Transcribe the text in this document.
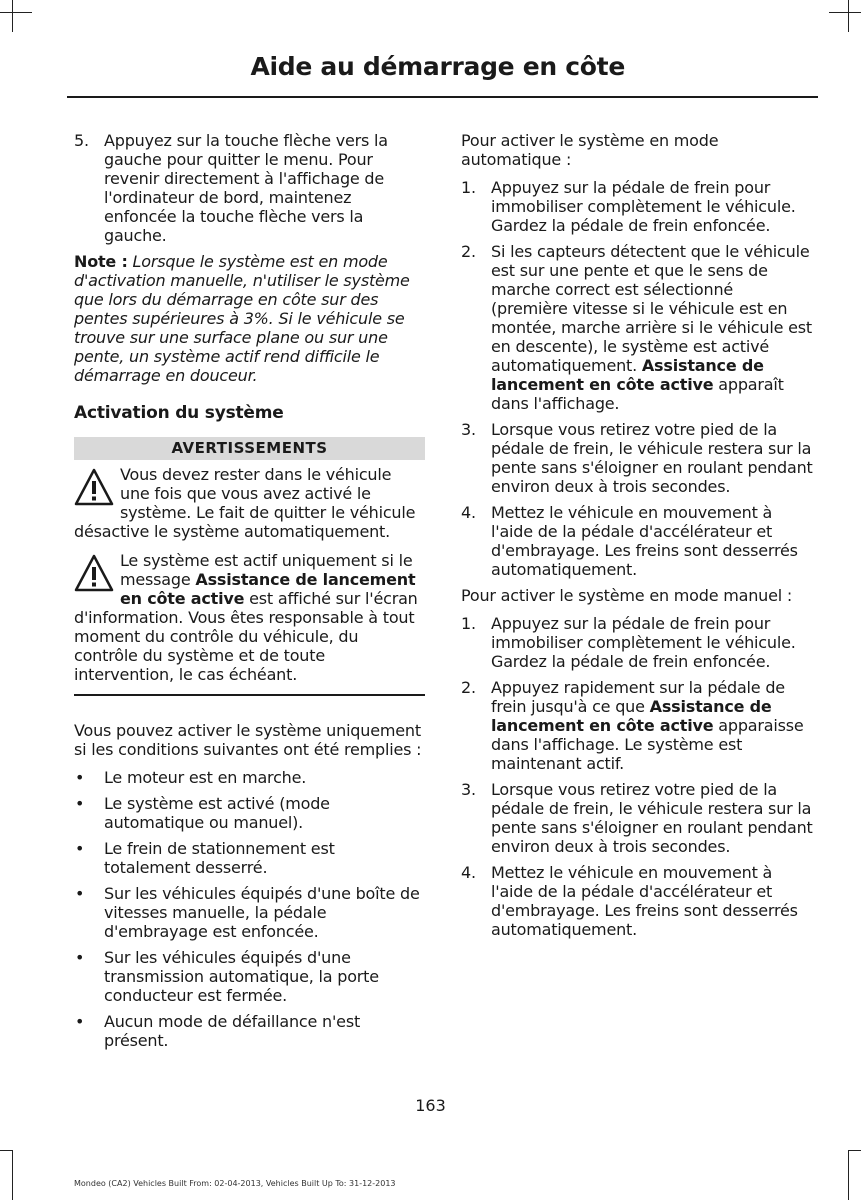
Aide au démarrage en côte
5. Appuyez sur la touche flèche vers la gauche pour quitter le menu. Pour revenir directement à l'affichage de l'ordinateur de bord, maintenez enfoncée la touche flèche vers la gauche.

Note : Lorsque le système est en mode d'activation manuelle, n'utiliser le système que lors du démarrage en côte sur des pentes supérieures à 3%. Si le véhicule se trouve sur une surface plane ou sur une pente, un système actif rend difficile le démarrage en douceur.

Activation du système
AVERTISSEMENTS
Vous devez rester dans le véhicule une fois que vous avez activé le système. Le fait de quitter le véhicule désactive le système automatiquement.
Le système est actif uniquement si le message Assistance de lancement en côte active est affiché sur l'écran d'information. Vous êtes responsable à tout moment du contrôle du véhicule, du contrôle du système et de toute intervention, le cas échéant.

Vous pouvez activer le système uniquement si les conditions suivantes ont été remplies :

• Le moteur est en marche.
• Le système est activé (mode automatique ou manuel).
• Le frein de stationnement est totalement desserré.
• Sur les véhicules équipés d'une boîte de vitesses manuelle, la pédale d'embrayage est enfoncée.
• Sur les véhicules équipés d'une transmission automatique, la porte conducteur est fermée.
• Aucun mode de défaillance n'est présent.

Pour activer le système en mode automatique :

1. Appuyez sur la pédale de frein pour immobiliser complètement le véhicule. Gardez la pédale de frein enfoncée.
2. Si les capteurs détectent que le véhicule est sur une pente et que le sens de marche correct est sélectionné (première vitesse si le véhicule est en montée, marche arrière si le véhicule est en descente), le système est activé automatiquement. Assistance de lancement en côte active apparaît dans l'affichage.
3. Lorsque vous retirez votre pied de la pédale de frein, le véhicule restera sur la pente sans s'éloigner en roulant pendant environ deux à trois secondes.
4. Mettez le véhicule en mouvement à l'aide de la pédale d'accélérateur et d'embrayage. Les freins sont desserrés automatiquement.

Pour activer le système en mode manuel :

1. Appuyez sur la pédale de frein pour immobiliser complètement le véhicule. Gardez la pédale de frein enfoncée.
2. Appuyez rapidement sur la pédale de frein jusqu'à ce que Assistance de lancement en côte active apparaisse dans l'affichage. Le système est maintenant actif.
3. Lorsque vous retirez votre pied de la pédale de frein, le véhicule restera sur la pente sans s'éloigner en roulant pendant environ deux à trois secondes.
4. Mettez le véhicule en mouvement à l'aide de la pédale d'accélérateur et d'embrayage. Les freins sont desserrés automatiquement.
163
Mondeo (CA2) Vehicles Built From: 02-04-2013, Vehicles Built Up To: 31-12-2013
